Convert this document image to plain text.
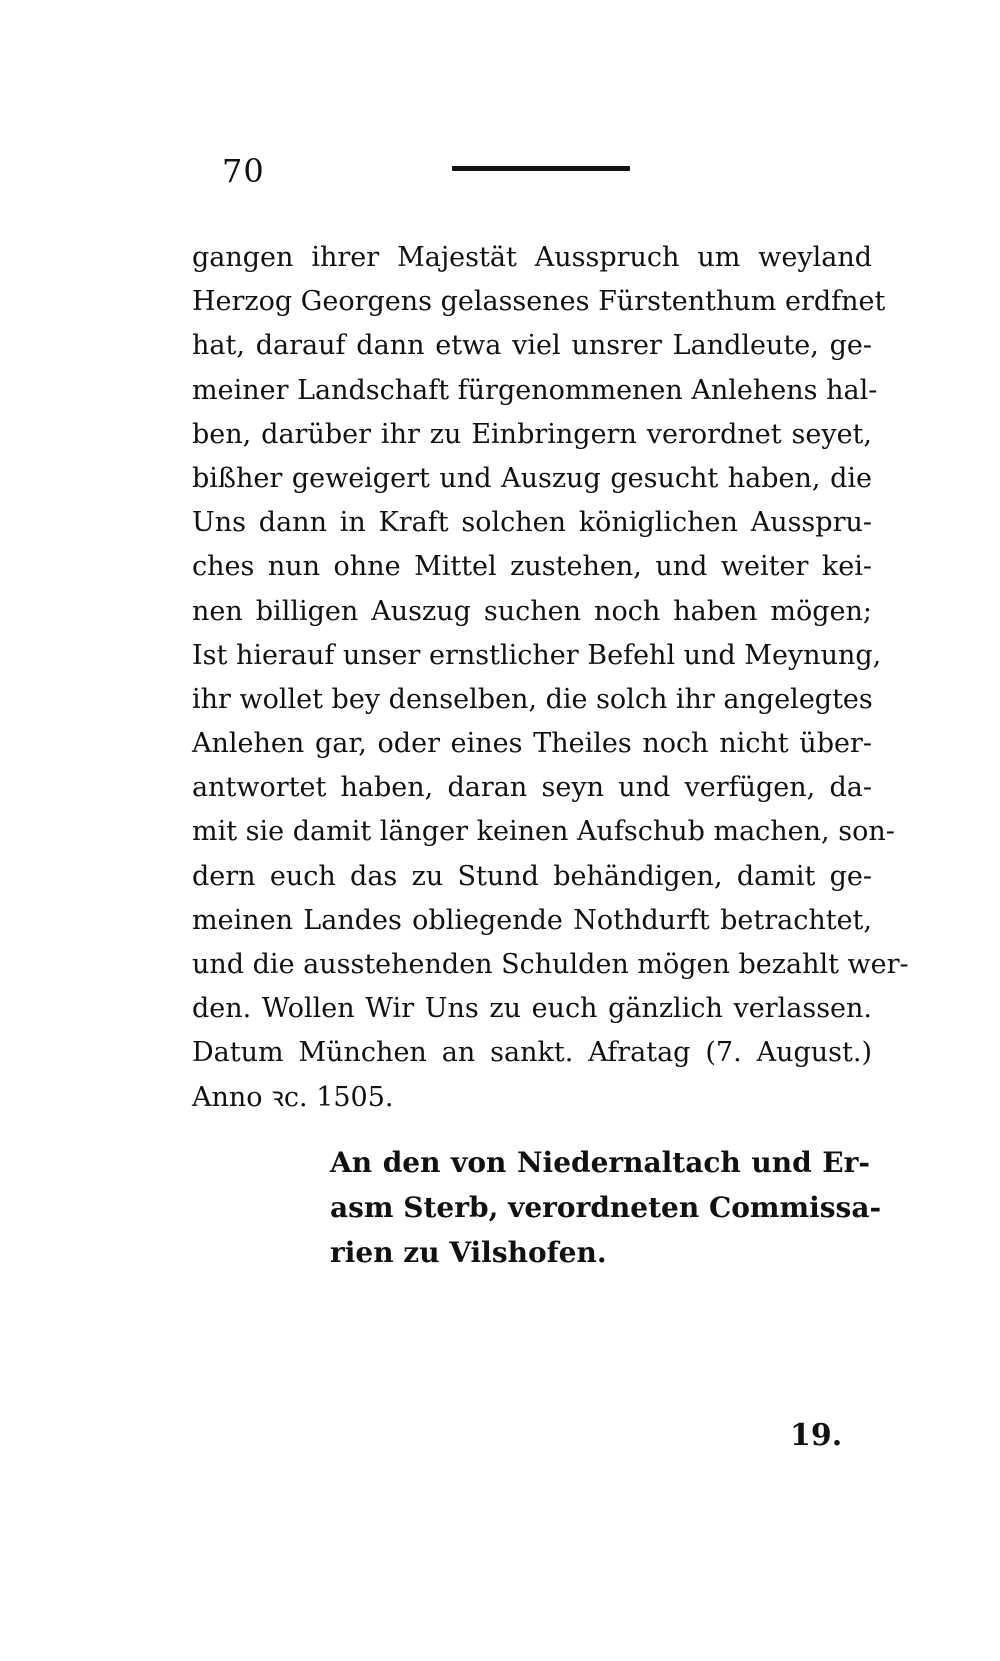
70
gangen ihrer Majestät Ausspruch um weyland
Herzog Georgens gelassenes Fürstenthum erdfnet
hat, darauf dann etwa viel unsrer Landleute, ge-
meiner Landschaft fürgenommenen Anlehens hal-
ben, darüber ihr zu Einbringern verordnet seyet,
bißher geweigert und Auszug gesucht haben, die
Uns dann in Kraft solchen königlichen Ausspru-
ches nun ohne Mittel zustehen, und weiter kei-
nen billigen Auszug suchen noch haben mögen;
Ist hierauf unser ernstlicher Befehl und Meynung,
ihr wollet bey denselben, die solch ihr angelegtes
Anlehen gar, oder eines Theiles noch nicht über-
antwortet haben, daran seyn und verfügen, da-
mit sie damit länger keinen Aufschub machen, son-
dern euch das zu Stund behändigen, damit ge-
meinen Landes obliegende Nothdurft betrachtet,
und die ausstehenden Schulden mögen bezahlt wer-
den. Wollen Wir Uns zu euch gänzlich verlassen.
Datum München an sankt. Afratag (7. August.)
Anno ꝛc. 1505.
An den von Niedernaltach und Er-
asm Sterb, verordneten Commissa-
rien zu Vilshofen.
19.
